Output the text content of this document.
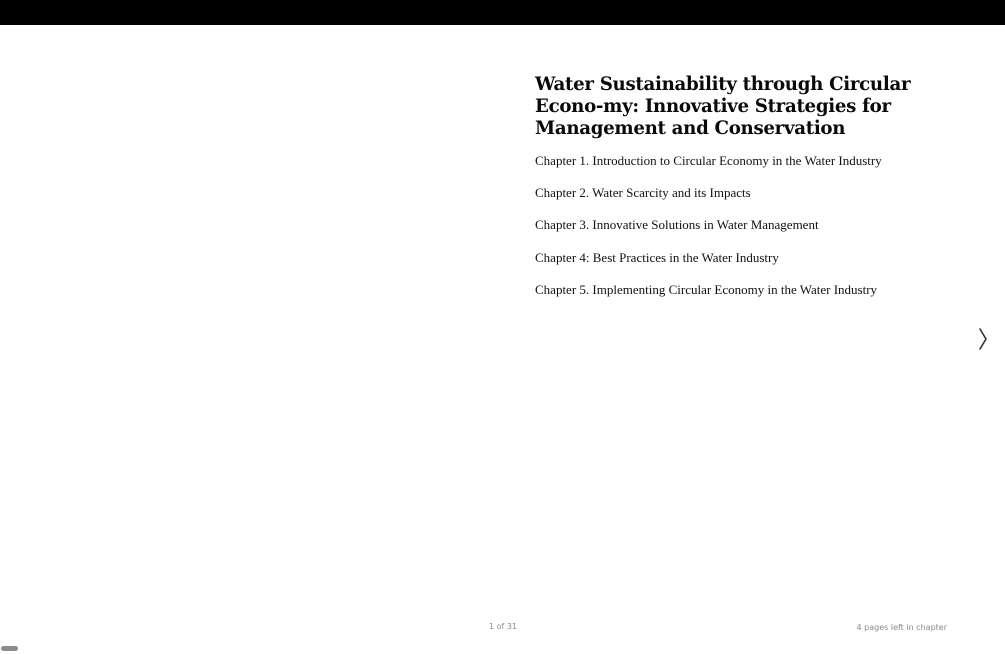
Water Sustainability through Circular Econo-my: Innovative Strategies for Management and Conservation
Chapter 1. Introduction to Circular Economy in the Water Industry
Chapter 2. Water Scarcity and its Impacts
Chapter 3. Innovative Solutions in Water Management
Chapter 4: Best Practices in the Water Industry
Chapter 5. Implementing Circular Economy in the Water Industry
1 of 31	4 pages left in chapter
